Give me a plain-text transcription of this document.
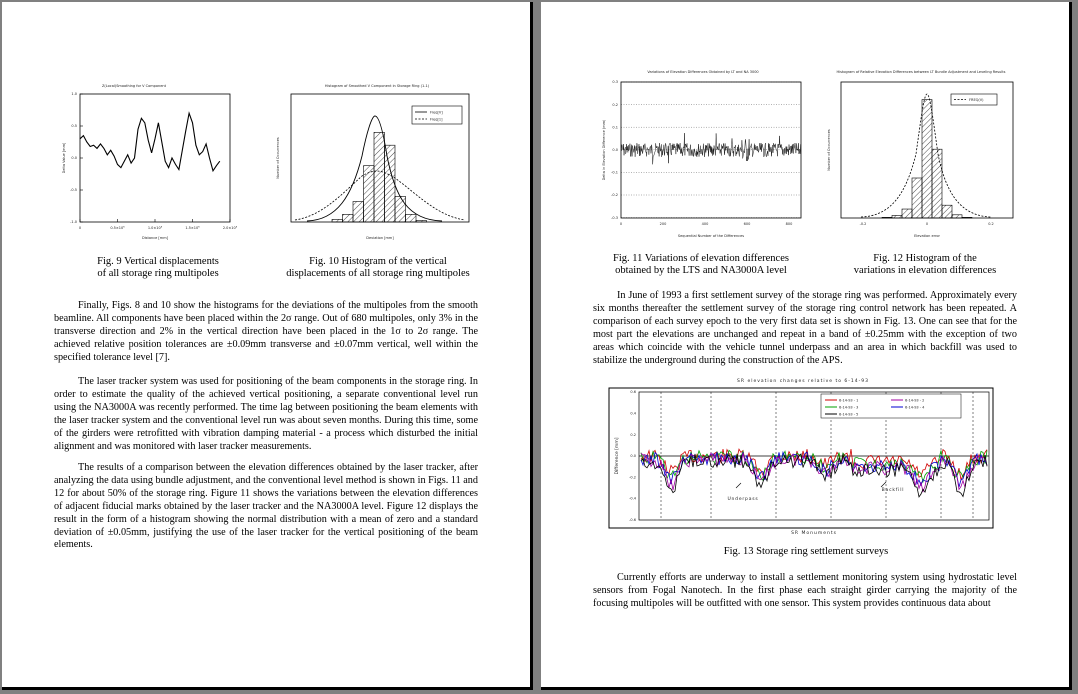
Z(Local)Smoothing for V Component
1.0
0.5
0.0
-0.5
-1.0
0	0.5×10⁵	1.0×10⁵	1.5×10⁵	2.0×10⁵
Distance [mm]
Delta Value [mm]
Histogram of Smoothed V Component in Storage Ring (1-1)
Freq[V]
Freq[1]
Deviation [mm]
Number of Occurrences
Fig. 9 Vertical displacements
of all storage ring multipoles
Fig. 10 Histogram of the vertical
displacements of all storage ring multipoles

Finally, Figs. 8 and 10 show the histograms for the deviations of the multipoles from the smooth beamline. All components have been placed within the 2σ range. Out of 680 multipoles, only 3% in the transverse direction and 2% in the vertical direction have been placed in the 1σ to 2σ range. The achieved relative position tolerances are ±0.09mm transverse and ±0.07mm vertical, well within the specified tolerance level [7].

The laser tracker system was used for positioning of the beam components in the storage ring. In order to estimate the quality of the achieved vertical positioning, a separate conventional level run using the NA3000A was recently performed. The time lag between positioning the beam elements with the laser tracker system and the conventional level run was about seven months. During this time, some of the girders were retrofitted with vibration damping material - a process which disturbed the initial alignment and was monitored with laser tracker measurements.

The results of a comparison between the elevation differences obtained by the laser tracker, after analyzing the data using bundle adjustment, and the conventional level method is shown in Figs. 11 and 12 for about 50% of the storage ring. Figure 11 shows the variations between the elevation differences of adjacent fiducial marks obtained by the laser tracker and the NA3000A level. Figure 12 displays the result in the form of a histogram showing the normal distribution with a mean of zero and a standard deviation of ±0.05mm, justifying the use of the laser tracker for the vertical positioning of the beam elements.

Variations of Elevation Differences Obtained by LT and NA 3000
0.3
0.2
0.1
0.0
-0.1
-0.2
-0.3
0	200	400	600	800
Sequential Number of the Differences
Delta in Elevation Difference (mm)
Histogram of Relative Elevation Differences between LT Bundle Adjustment and Leveling Results
FREQ(V)
-0.2	0	0.2
Elevation error
Number of Occurrences
Fig. 11 Variations of elevation differences
obtained by the LTS and NA3000A level
Fig. 12 Histogram of the
variations in elevation differences

In June of 1993 a first settlement survey of the storage ring was performed. Approximately every six months thereafter the settlement survey of the storage ring control network has been repeated. A comparison of each survey epoch to the very first data set is shown in Fig. 13. One can see that for the most part the elevations are unchanged and repeat in a band of ±0.25mm with the exception of two areas which coincide with the vehicle tunnel underpass and an area in which backfill was used to stabilize the underground during the construction of the APS.

SR elevation changes relative to 6-14-93
0.6
0.4
0.2
0.0
-0.2
-0.4
-0.6
6-14-93 - 1	6-14-93 - 2
6-14-93 - 3	6-14-93 - 4
6-14-93 - 5
Underpass
Backfill
SR Monuments
Difference [mm]
Fig. 13 Storage ring settlement surveys

Currently efforts are underway to install a settlement monitoring system using hydrostatic level sensors from Fogal Nanotech. In the first phase each straight girder carrying the majority of the focusing multipoles will be outfitted with one sensor. This system provides continuous data about
